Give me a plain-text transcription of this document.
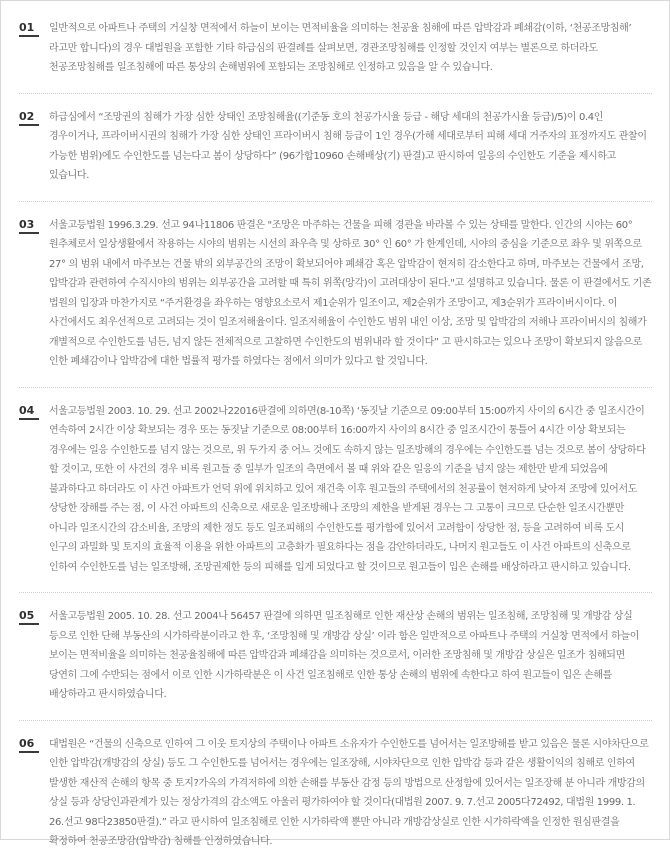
01	일반적으로 아파트나 주택의 거실창 면적에서 하늘이 보이는 면적비율을 의미하는 천공율 침해에 따른 압박감과 폐쇄감(이하, ‘천공조망침해’ 라고만 합니다)의 경우 대법원을 포함한 기타 하급심의 판결례를 살펴보면, 경관조망침해를 인정할 것인지 여부는 별론으로 하더라도 천공조망침해를 일조침해에 따른 통상의 손해범위에 포함되는 조망침해로 인정하고 있음을 알 수 있습니다.
02	하급심에서 “조망권의 침해가 가장 심한 상태인 조망침해율((기준동 호의 천공가시율 등급 - 해당 세대의 천공가시율 등급)/5)이 0.4인 경우이거나, 프라이버시권의 침해가 가장 심한 상태인 프라이버시 침해 등급이 1인 경우(가해 세대로부터 피해 세대 거주자의 표정까지도 관찰이 가능한 범위)에도 수인한도를 넘는다고 봄이 상당하다” (96가합10960 손해배상(기) 판결)고 판시하여 일응의 수인한도 기준을 제시하고 있습니다.
03	서울고등법원 1996.3.29. 선고 94나11806 판결은 "조망은 마주하는 건물을 피해 경관을 바라볼 수 있는 상태를 말한다. 인간의 시야는 60° 원추체로서 일상생활에서 작용하는 시야의 범위는 시선의 좌우측 및 상하로 30° 인 60° 가 한계인데, 시야의 중심을 기준으로 좌우 및 위쪽으로 27° 의 범위 내에서 마주보는 건물 밖의 외부공간의 조망이 확보되어야 폐쇄감 혹은 압박감이 현저히 감소한다고 하며, 마주보는 건물에서 조망, 압박감과 관련하여 수직시야의 범위는 외부공간을 고려할 때 특히 위쪽(앙각)이 고려대상이 된다."고 설명하고 있습니다. 물론 이 판결에서도 기존 법원의 입장과 마찬가지로 “주거환경을 좌우하는 영향요소로서 제1순위가 일조이고, 제2순위가 조망이고, 제3순위가 프라이버시이다. 이 사건에서도 최우선적으로 고려되는 것이 일조저해율이다. 일조저해율이 수인한도 범위 내인 이상, 조망 및 압박감의 저해나 프라이버시의 침해가 개별적으로 수인한도를 넘든, 넘지 않든 전체적으로 고찰하면 수인한도의 범위내라 할 것이다” 고 판시하고는 있으나 조망이 확보되지 않음으로 인한 폐쇄감이나 압박감에 대한 법률적 평가를 하였다는 점에서 의미가 있다고 할 것입니다.
04	서울고등법원 2003. 10. 29. 선고 2002나22016판결에 의하면(8-10쪽) ‘동짓날 기준으로 09:00부터 15:00까지 사이의 6시간 중 일조시간이 연속하여 2시간 이상 확보되는 경우 또는 동짓날 기준으로 08:00부터 16:00까지 사이의 8시간 중 일조시간이 통틀어 4시간 이상 확보되는 경우에는 일응 수인한도를 넘지 않는 것으로, 위 두가지 중 어느 것에도 속하지 않는 일조방해의 경우에는 수인한도를 넘는 것으로 봄이 상당하다 할 것이고, 또한 이 사건의 경우 비록 원고들 중 일부가 일조의 측면에서 볼 때 위와 같은 일응의 기준을 넘지 않는 제한만 받게 되었음에 불과하다고 하더라도 이 사건 아파트가 언덕 위에 위치하고 있어 재건축 이후 원고들의 주택에서의 천공률이 현저하게 낮아져 조망에 있어서도 상당한 장해를 주는 점, 이 사건 아파트의 신축으로 새로운 일조방해나 조망의 제한을 받게된 경우는 그 고통이 크므로 단순한 일조시간뿐만 아니라 일조시간의 감소비율, 조망의 제한 정도 등도 일조피해의 수인한도를 평가함에 있어서 고려함이 상당한 점, 등을 고려하여 비록 도시 인구의 과밀화 및 토지의 효율적 이용을 위한 아파트의 고층화가 필요하다는 점을 감안하더라도, 나머지 원고들도 이 사건 아파트의 신축으로 인하여 수인한도를 넘는 일조방해, 조망권제한 등의 피해를 입게 되었다고 할 것이므로 원고들이 입은 손해를 배상하라고 판시하고 있습니다.
05	서울고등법원 2005. 10. 28. 선고 2004나 56457 판결에 의하면 일조침해로 인한 재산상 손해의 범위는 일조침해, 조망침해 및 개방감 상실 등으로 인한 단해 부동산의 시가하락분이라고 한 후, ‘조망침해 및 개방감 상실’ 이라 함은 일반적으로 아파트나 주택의 거실창 면적에서 하늘이 보이는 면적비율을 의미하는 천공율침해에 따른 압박감과 폐쇄감을 의미하는 것으로서, 이러한 조망침해 및 개방감 상실은 일조가 침해되면 당연히 그에 수반되는 점에서 이로 인한 시가하락분은 이 사건 일조침해로 인한 통상 손해의 범위에 속한다고 하여 원고들이 입은 손해를 배상하라고 판시하였습니다.
06	대법원은 “건물의 신축으로 인하여 그 이웃 토지상의 주택이나 아파트 소유자가 수인한도를 넘어서는 일조방해를 받고 있음은 물론 시야차단으로 인한 압박감(개방감의 상실) 등도 그 수인한도를 넘어서는 경우에는 일조장해, 시야차단으로 인한 압박감 등과 같은 생활이익의 침해로 인하여 발생한 재산적 손해의 항목 중 토지?가옥의 가격저하에 의한 손해를 부동산 감정 등의 방법으로 산정함에 있어서는 일조장해 분 아니라 개방감의 상실 등과 상당인과관계가 있는 정상가격의 감소액도 아울러 평가하여야 할 것이다(대법원 2007. 9. 7.선고 2005다72492, 대법원 1999. 1. 26.선고 98다23850판결).” 라고 판시하여 일조침해로 인한 시가하락액 뿐만 아니라 개방감상실로 인한 시가하락액을 인정한 원심판결을 확정하여 천공조망감(압박감) 침해를 인정하였습니다.
